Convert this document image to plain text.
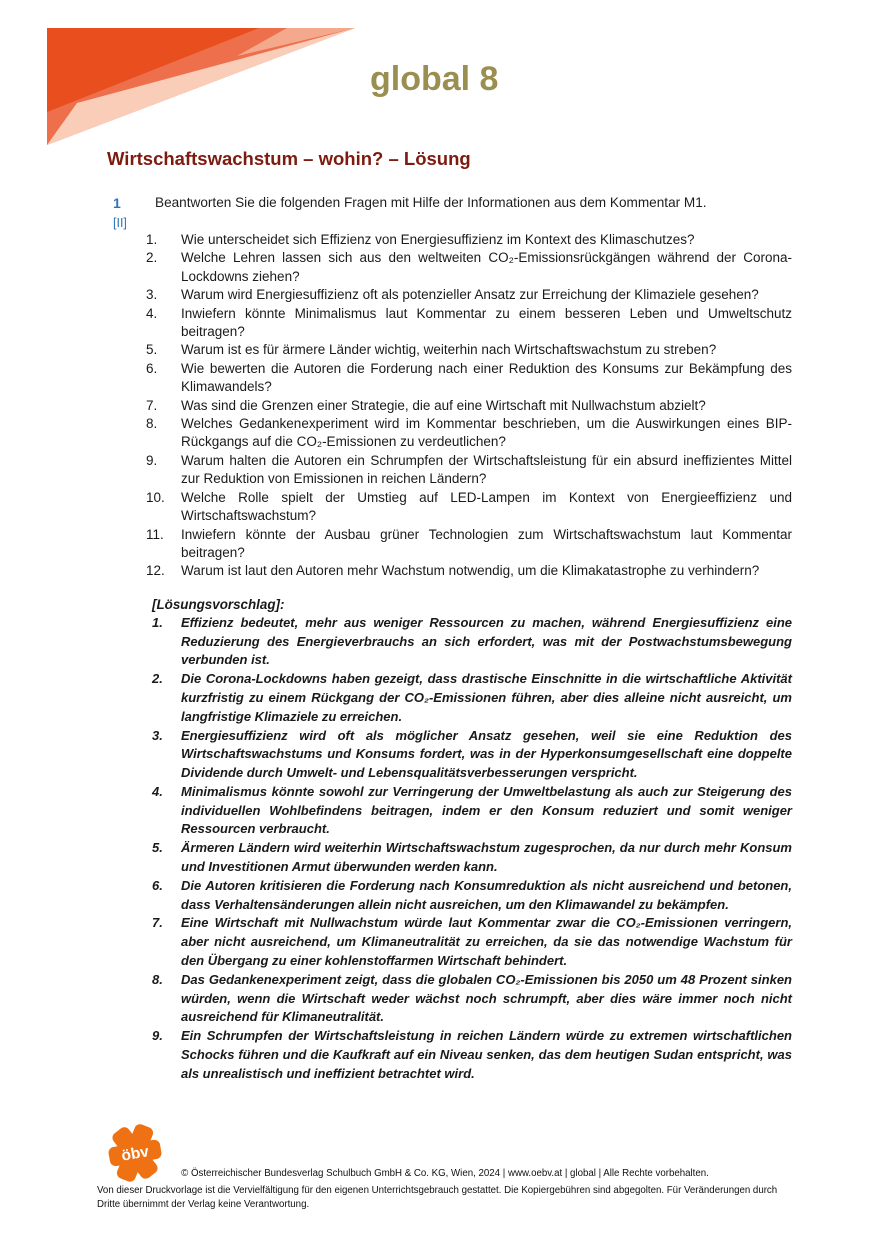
global 8
Wirtschaftswachstum – wohin? – Lösung
1
[II]
Beantworten Sie die folgenden Fragen mit Hilfe der Informationen aus dem Kommentar M1.
1.	Wie unterscheidet sich Effizienz von Energiesuffizienz im Kontext des Klimaschutzes?
2.	Welche Lehren lassen sich aus den weltweiten CO₂-Emissionsrückgängen während der Corona-Lockdowns ziehen?
3.	Warum wird Energiesuffizienz oft als potenzieller Ansatz zur Erreichung der Klimaziele gesehen?
4.	Inwiefern könnte Minimalismus laut Kommentar zu einem besseren Leben und Umweltschutz beitragen?
5.	Warum ist es für ärmere Länder wichtig, weiterhin nach Wirtschaftswachstum zu streben?
6.	Wie bewerten die Autoren die Forderung nach einer Reduktion des Konsums zur Bekämpfung des Klimawandels?
7.	Was sind die Grenzen einer Strategie, die auf eine Wirtschaft mit Nullwachstum abzielt?
8.	Welches Gedankenexperiment wird im Kommentar beschrieben, um die Auswirkungen eines BIP-Rückgangs auf die CO₂-Emissionen zu verdeutlichen?
9.	Warum halten die Autoren ein Schrumpfen der Wirtschaftsleistung für ein absurd ineffizientes Mittel zur Reduktion von Emissionen in reichen Ländern?
10.	Welche Rolle spielt der Umstieg auf LED-Lampen im Kontext von Energieeffizienz und Wirtschaftswachstum?
11.	Inwiefern könnte der Ausbau grüner Technologien zum Wirtschaftswachstum laut Kommentar beitragen?
12.	Warum ist laut den Autoren mehr Wachstum notwendig, um die Klimakatastrophe zu verhindern?
[Lösungsvorschlag]:
1.	Effizienz bedeutet, mehr aus weniger Ressourcen zu machen, während Energiesuffizienz eine Reduzierung des Energieverbrauchs an sich erfordert, was mit der Postwachstumsbewegung verbunden ist.
2.	Die Corona-Lockdowns haben gezeigt, dass drastische Einschnitte in die wirtschaftliche Aktivität kurzfristig zu einem Rückgang der CO₂-Emissionen führen, aber dies alleine nicht ausreicht, um langfristige Klimaziele zu erreichen.
3.	Energiesuffizienz wird oft als möglicher Ansatz gesehen, weil sie eine Reduktion des Wirtschaftswachstums und Konsums fordert, was in der Hyperkonsumgesellschaft eine doppelte Dividende durch Umwelt- und Lebensqualitätsverbesserungen verspricht.
4.	Minimalismus könnte sowohl zur Verringerung der Umweltbelastung als auch zur Steigerung des individuellen Wohlbefindens beitragen, indem er den Konsum reduziert und somit weniger Ressourcen verbraucht.
5.	Ärmeren Ländern wird weiterhin Wirtschaftswachstum zugesprochen, da nur durch mehr Konsum und Investitionen Armut überwunden werden kann.
6.	Die Autoren kritisieren die Forderung nach Konsumreduktion als nicht ausreichend und betonen, dass Verhaltensänderungen allein nicht ausreichen, um den Klimawandel zu bekämpfen.
7.	Eine Wirtschaft mit Nullwachstum würde laut Kommentar zwar die CO₂-Emissionen verringern, aber nicht ausreichend, um Klimaneutralität zu erreichen, da sie das notwendige Wachstum für den Übergang zu einer kohlenstoffarmen Wirtschaft behindert.
8.	Das Gedankenexperiment zeigt, dass die globalen CO₂-Emissionen bis 2050 um 48 Prozent sinken würden, wenn die Wirtschaft weder wächst noch schrumpft, aber dies wäre immer noch nicht ausreichend für Klimaneutralität.
9.	Ein Schrumpfen der Wirtschaftsleistung in reichen Ländern würde zu extremen wirtschaftlichen Schocks führen und die Kaufkraft auf ein Niveau senken, das dem heutigen Sudan entspricht, was als unrealistisch und ineffizient betrachtet wird.
öbv
© Österreichischer Bundesverlag Schulbuch GmbH & Co. KG, Wien, 2024 | www.oebv.at | global | Alle Rechte vorbehalten.
Von dieser Druckvorlage ist die Vervielfältigung für den eigenen Unterrichtsgebrauch gestattet. Die Kopiergebühren sind abgegolten. Für Veränderungen durch Dritte übernimmt der Verlag keine Verantwortung.
